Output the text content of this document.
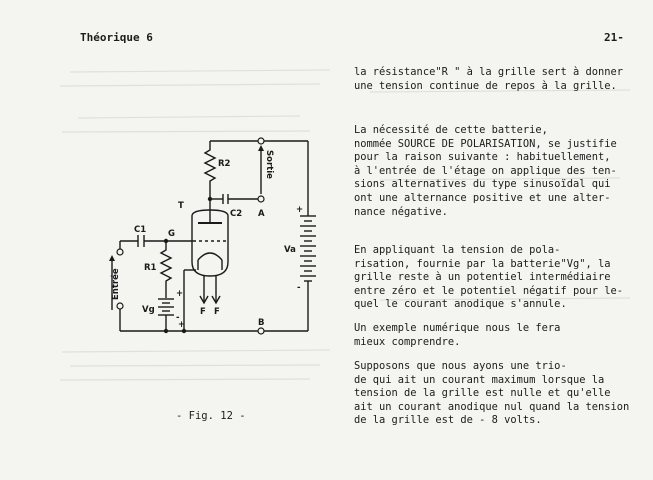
Théorique 6	21-
la résistance"R " à la grille sert à donner
une tension continue de repos à la grille.
La nécessité de cette batterie,
nommée SOURCE DE POLARISATION, se justifie
pour la raison suivante : habituellement,
à l'entrée de l'étage on applique des ten-
sions alternatives du type sinusoïdal qui
ont une alternance positive et une alter-
nance négative.
En appliquant la tension de pola-
risation, fournie par la batterie"Vg", la
grille reste à un potentiel intermédiaire
entre zéro et le potentiel négatif pour le-
quel le courant anodique s'annule.
Un exemple numérique nous le fera
mieux comprendre.
Supposons que nous ayons une trio-
de qui ait un courant maximum lorsque la
tension de la grille est nulle et qu'elle
ait un courant anodique nul quand la tension
de la grille est de - 8 volts.
R2
T
C2 A
C1	G
R1
Vg
Va
B
F F
+
-
+
-
+
Entrée
Sortie
- Fig. 12 -
